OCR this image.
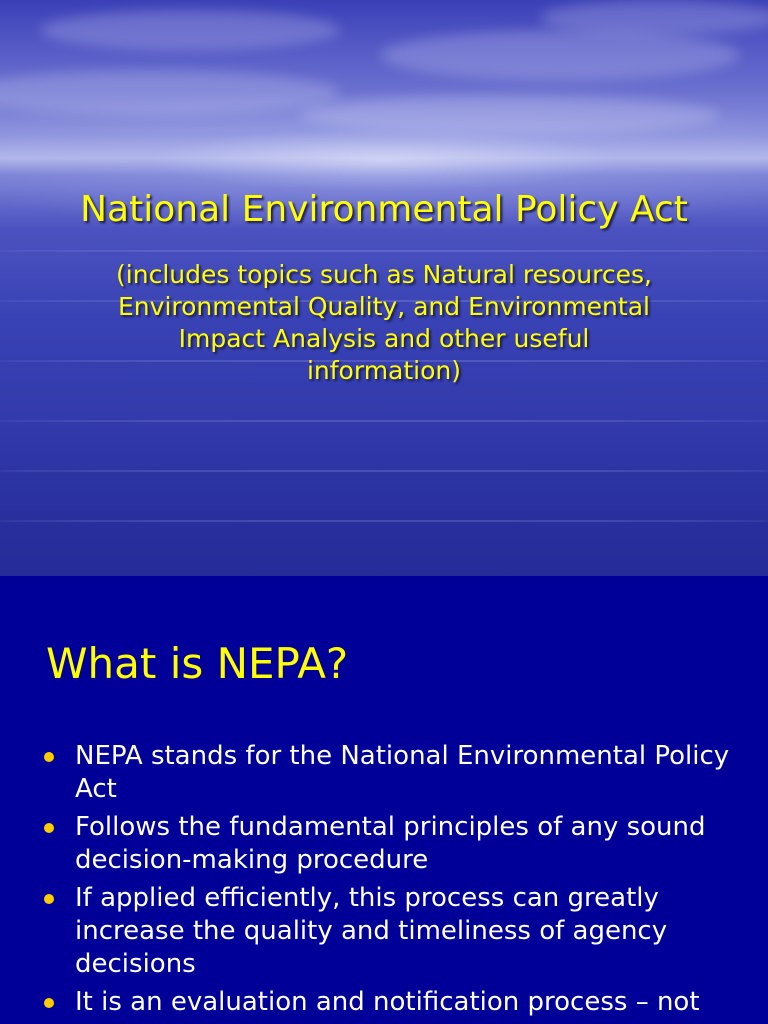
National Environmental Policy Act
(includes topics such as Natural resources, Environmental Quality, and Environmental Impact Analysis and other useful information)
What is NEPA?
NEPA stands for the National Environmental Policy Act
Follows the fundamental principles of any sound decision-making procedure
If applied efficiently, this process can greatly increase the quality and timeliness of agency decisions
It is an evaluation and notification process – not
